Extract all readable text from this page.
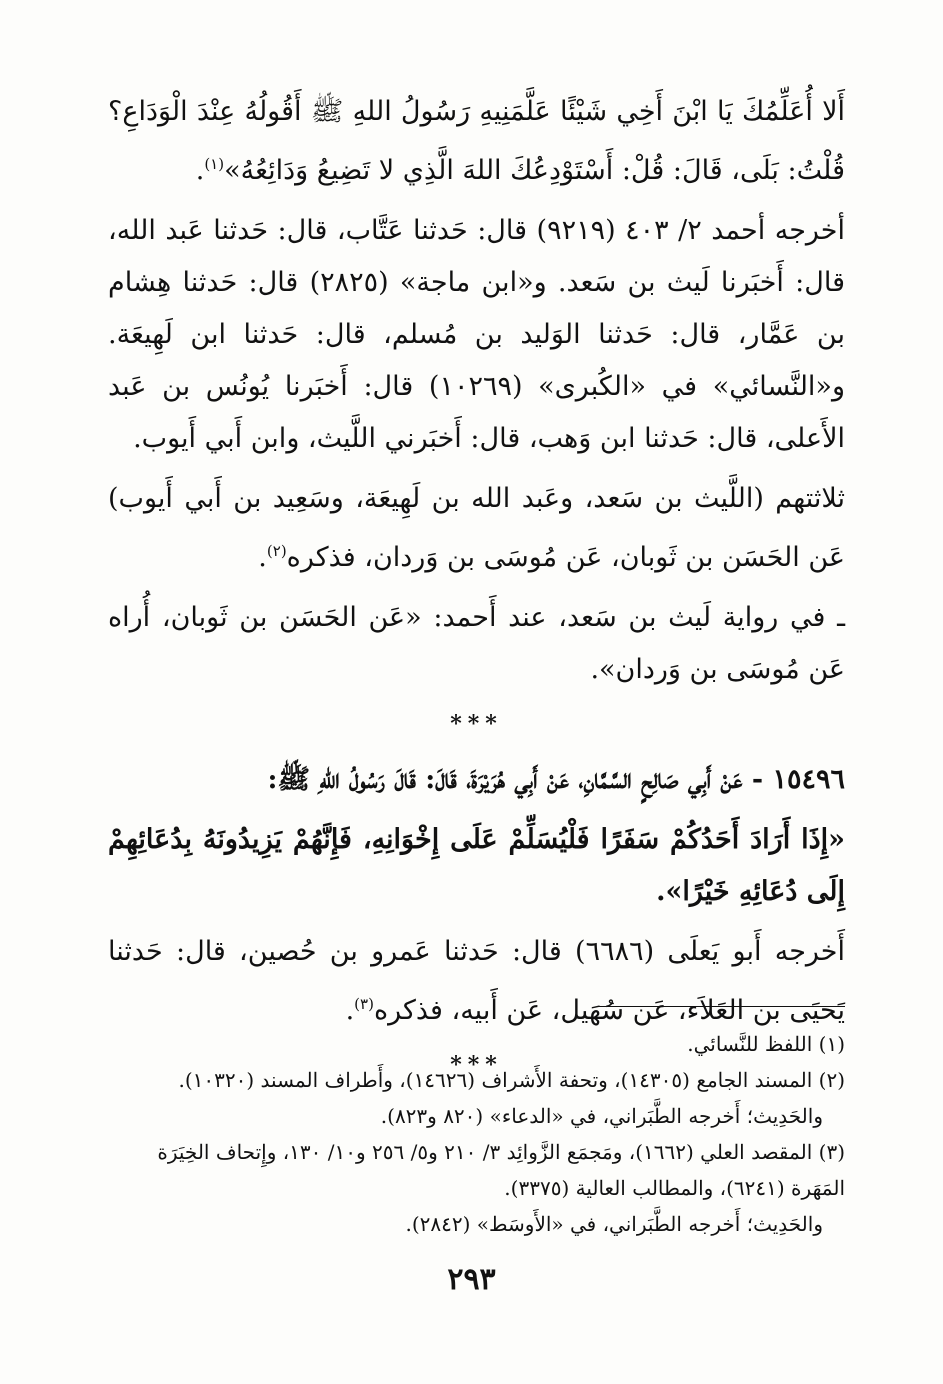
أَلا أُعَلِّمُكَ يَا ابْنَ أَخِي شَيْئًا عَلَّمَنِيهِ رَسُولُ اللهِ ﷺ أَقُولُهُ عِنْدَ الْوَدَاعِ؟ قُلْتُ: بَلَى، قَالَ: قُلْ: أَسْتَوْدِعُكَ اللهَ الَّذِي لا تَضِيعُ وَدَائِعُهُ»$^{(١)}$.

أخرجه أحمد ٢/ ٤٠٣ (٩٢١٩) قال: حَدثنا عَتَّاب، قال: حَدثنا عَبد الله، قال: أَخبَرنا لَيث بن سَعد. و«ابن ماجة» (٢٨٢٥) قال: حَدثنا هِشام بن عَمَّار، قال: حَدثنا الوَليد بن مُسلم، قال: حَدثنا ابن لَهِيعَة. و«النَّسائي» في «الكُبرى» (١٠٢٦٩) قال: أَخبَرنا يُونُس بن عَبد الأَعلى، قال: حَدثنا ابن وَهب، قال: أَخبَرني اللَّيث، وابن أَبي أَيوب.

ثلاثتهم (اللَّيث بن سَعد، وعَبد الله بن لَهِيعَة، وسَعِيد بن أَبي أَيوب) عَن الحَسَن بن ثَوبان، عَن مُوسَى بن وَردان، فذكره$^{(٢)}$.

ـ في رواية لَيث بن سَعد، عند أَحمد: «عَن الحَسَن بن ثَوبان، أُراه عَن مُوسَى بن وَردان».

***

١٥٤٩٦ - عَنْ أَبِي صَالِحٍ السَّمَّانِ، عَنْ أَبِي هُرَيْرَةَ، قَالَ: قَالَ رَسُولُ اللهِ ﷺ:

«إِذَا أَرَادَ أَحَدُكُمْ سَفَرًا فَلْيُسَلِّمْ عَلَى إِخْوَانِهِ، فَإِنَّهُمْ يَزِيدُونَهُ بِدُعَائِهِمْ إِلَى دُعَائِهِ خَيْرًا».

أَخرجه أَبو يَعلَى (٦٦٨٦) قال: حَدثنا عَمرو بن حُصين، قال: حَدثنا يَحيَى بن العَلاَء، عَن سُهَيل، عَن أَبيه، فذكره$^{(٣)}$.

***

(١) اللفظ للنَّسائي.

(٢) المسند الجامع (١٤٣٠٥)، وتحفة الأَشراف (١٤٦٢٦)، وأَطراف المسند (١٠٣٢٠).

والحَدِيث؛ أَخرجه الطَّبَراني، في «الدعاء» (٨٢٠ و٨٢٣).

(٣) المقصد العلي (١٦٦٢)، ومَجمَع الزَّوائِد ٣/ ٢١٠ و٥/ ٢٥٦ و١٠/ ١٣٠، وإِتحاف الخِيَرَة المَهَرة (٦٢٤١)، والمطالب العالية (٣٣٧٥).

والحَدِيث؛ أَخرجه الطَّبَراني، في «الأَوسَط» (٢٨٤٢).

٢٩٣
